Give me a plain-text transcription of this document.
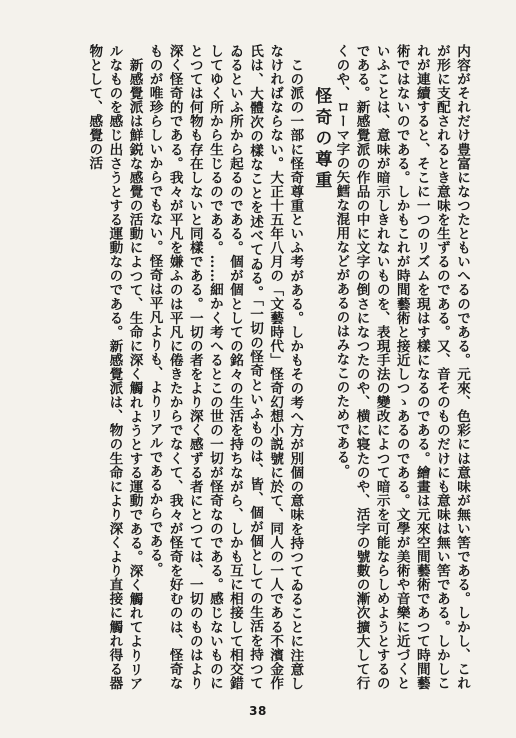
内容がそれだけ豊富になつたともいへるのである。元來、色彩には意味が無い筈である。しかし、これが形に支配されるとき意味を生ずるのである。又、音そのものだけにも意味は無い筈である。しかしこれが連續すると、そこに一つのリズムを現はす樣になるのである。繪畫は元來空間藝術であつて時間藝術ではないのである。しかもこれが時間藝術と接近しつゝあるのである。文學が美術や音樂に近づくといふことは、意味が暗示しきれないものを、表現手法の變改によつて暗示を可能ならしめようとするのである。新感覺派の作品の中に文字の倒さになつたのや、横に寝たのや、活字の號數の漸次擴大して行くのや、ローマ字の矢鱈な混用などがあるのはみなこのためである。

怪奇の尊重

この派の一部に怪奇尊重といふ考がある。しかもその考へ方が別個の意味を持つてゐることに注意しなければならない。大正十五年八月の「文藝時代」怪奇幻想小説號に於て、同人の一人である不濱金作氏は、大體次の樣なことを述べてゐる。「一切の怪奇といふものは、皆、個が個としての生活を持つてゐるといふ所から起るのである。個が個としての銘々の生活を持ちながら、しかも互に相接して相交錯してゆく所から生じるのである。……細かく考へるとこの世の一切が怪奇なのである。感じないものにとつては何物も存在しないと同樣である。一切の者をより深く感ずる者にとつては、一切のものはより深く怪奇的である。我々が平凡を嫌ふのは平凡に倦きたからでなくて、我々が怪奇を好むのは、怪奇なものが唯珍らしいからでもない。怪奇は平凡よりも、よりリアルであるからである。

新感覺派は鮮鋭な感覺の活動によつて、生命に深く觸れようとする運動である。深く觸れてよりリアルなものを感じ出さうとする運動なのである。新感覺派は、物の生命により深くより直接に觸れ得る器物として、感覺の活

38
